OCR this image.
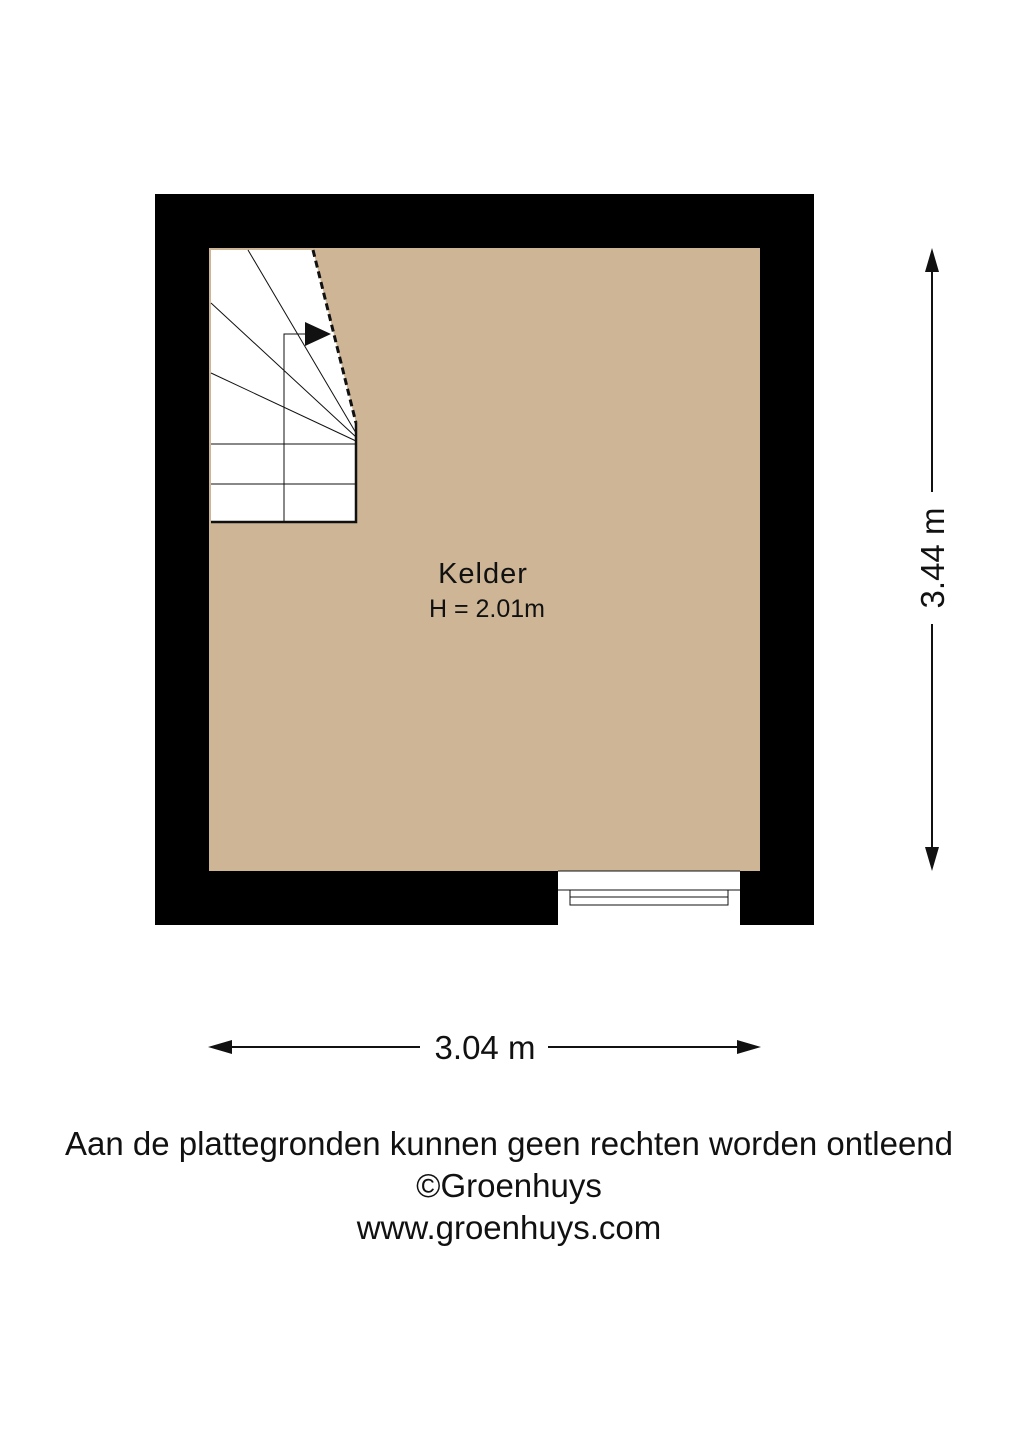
Kelder
H = 2.01m
3.04 m
3.44 m
Aan de plattegronden kunnen geen rechten worden ontleend
©Groenhuys
www.groenhuys.com
